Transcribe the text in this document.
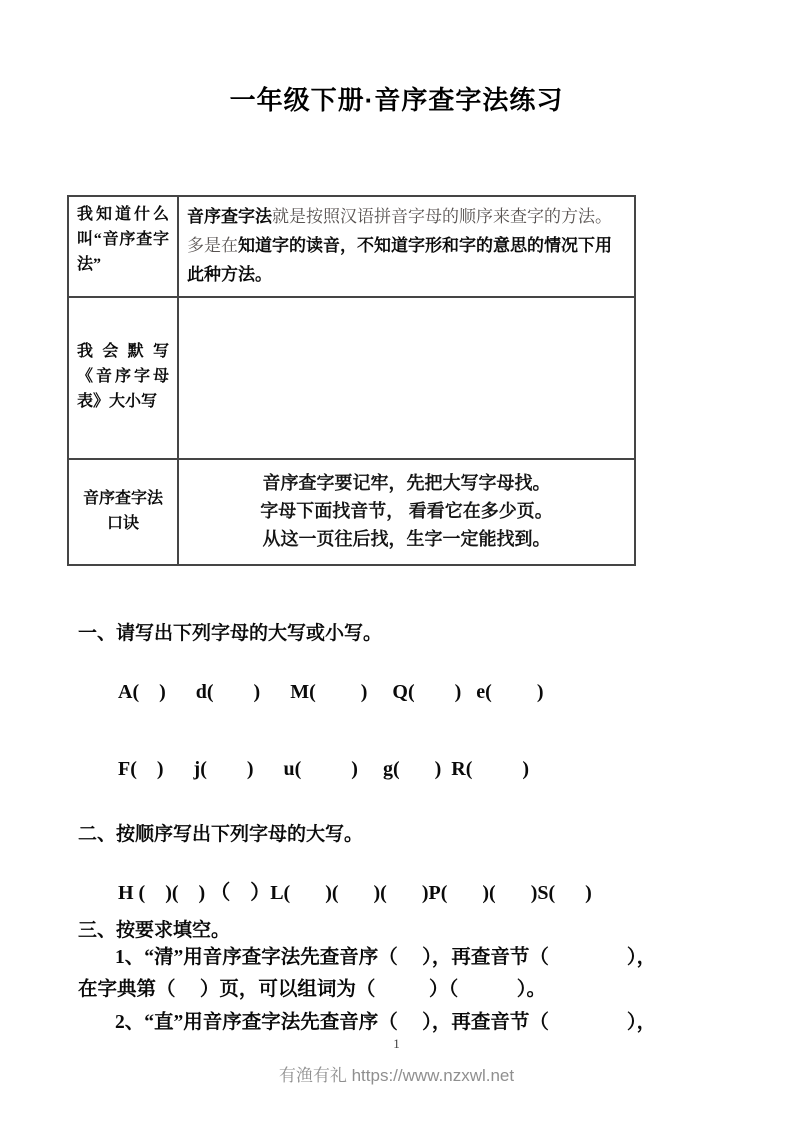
一年级下册·音序查字法练习
我知道什么叫“音序查字法”	音序查字法就是按照汉语拼音字母的顺序来查字的方法。多是在知道字的读音，不知道字形和字的意思的情况下用此种方法。
我会默写《音序字母表》大小写	
音序查字法口诀	音序查字要记牢，先把大写字母找。
字母下面找音节， 看看它在多少页。
从这一页往后找，生字一定能找到。

一、请写出下列字母的大写或小写。

A(    )      d(        )      M(         )     Q(        )   e(         )

F(    )      j(        )      u(          )     g(       )  R(          )

二、按顺序写出下列字母的大写。

H (    )(    ) （    ）L(       )(       )(       )P(       )(       )S(      )

三、按要求填空。

1、“清”用音序查字法先查音序（     ），再查音节（                ），

在字典第（     ）页，可以组词为（           ）（            ）。

2、“直”用音序查字法先查音序（     ），再查音节（                ），

1
有渔有礼 https://www.nzxwl.net
